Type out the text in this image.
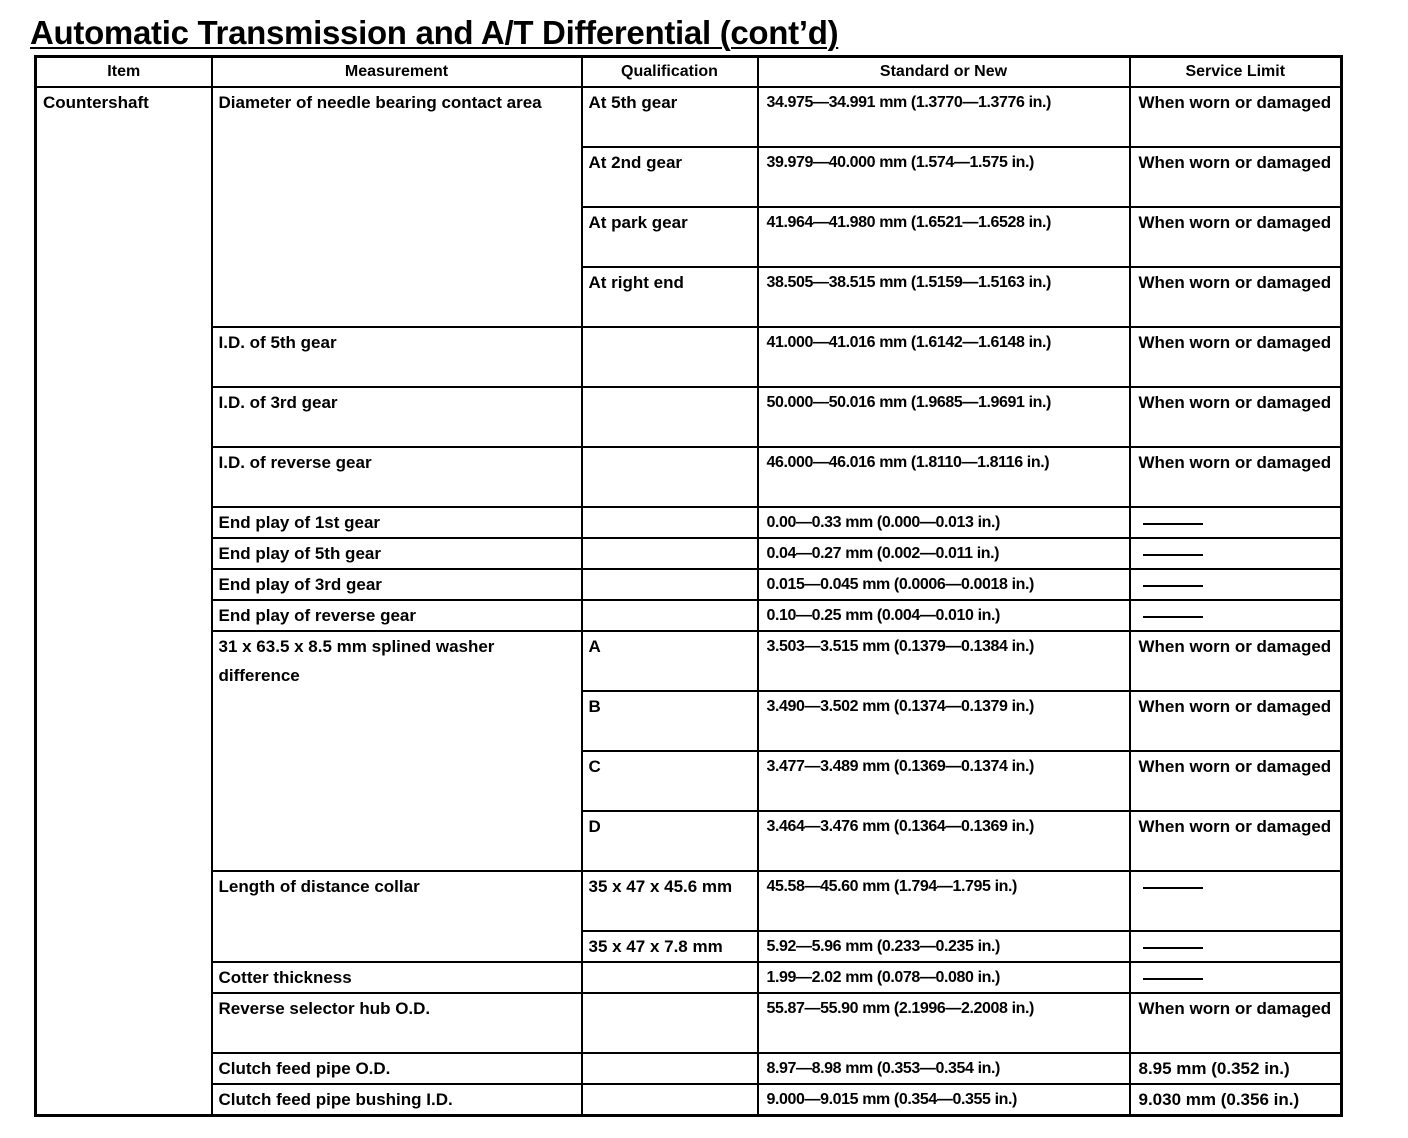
Automatic Transmission and A/T Differential (cont’d)
Item	Measurement	Qualification	Standard or New	Service Limit
Countershaft	Diameter of needle bearing contact area	At 5th gear	34.975—34.991 mm (1.3770—1.3776 in.)	When worn or damaged
		At 2nd gear	39.979—40.000 mm (1.574—1.575 in.)	When worn or damaged
		At park gear	41.964—41.980 mm (1.6521—1.6528 in.)	When worn or damaged
		At right end	38.505—38.515 mm (1.5159—1.5163 in.)	When worn or damaged
	I.D. of 5th gear		41.000—41.016 mm (1.6142—1.6148 in.)	When worn or damaged
	I.D. of 3rd gear		50.000—50.016 mm (1.9685—1.9691 in.)	When worn or damaged
	I.D. of reverse gear		46.000—46.016 mm (1.8110—1.8116 in.)	When worn or damaged
	End play of 1st gear		0.00—0.33 mm (0.000—0.013 in.)	
	End play of 5th gear		0.04—0.27 mm (0.002—0.011 in.)	
	End play of 3rd gear		0.015—0.045 mm (0.0006—0.0018 in.)	
	End play of reverse gear		0.10—0.25 mm (0.004—0.010 in.)	
	31 x 63.5 x 8.5 mm splined washer difference	A	3.503—3.515 mm (0.1379—0.1384 in.)	When worn or damaged
		B	3.490—3.502 mm (0.1374—0.1379 in.)	When worn or damaged
		C	3.477—3.489 mm (0.1369—0.1374 in.)	When worn or damaged
		D	3.464—3.476 mm (0.1364—0.1369 in.)	When worn or damaged
	Length of distance collar	35 x 47 x 45.6 mm	45.58—45.60 mm (1.794—1.795 in.)	
		35 x 47 x 7.8 mm	5.92—5.96 mm (0.233—0.235 in.)	
	Cotter thickness		1.99—2.02 mm (0.078—0.080 in.)	
	Reverse selector hub O.D.		55.87—55.90 mm (2.1996—2.2008 in.)	When worn or damaged
	Clutch feed pipe O.D.		8.97—8.98 mm (0.353—0.354 in.)	8.95 mm (0.352 in.)
	Clutch feed pipe bushing I.D.		9.000—9.015 mm (0.354—0.355 in.)	9.030 mm (0.356 in.)
